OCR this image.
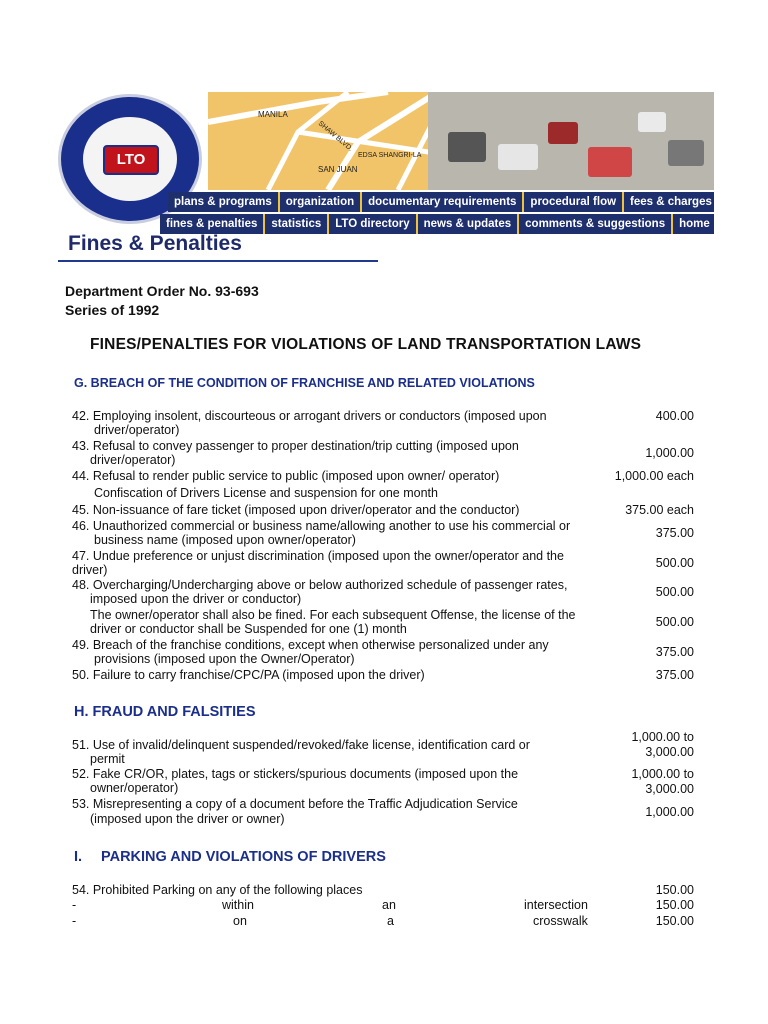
MANILA
SHAW BLVD.
EDSA SHANGRI-LA
SAN JUAN
LTO
plans & programs	organization	documentary requirements	procedural flow	fees & charges
fines & penalties	statistics	LTO directory	news & updates	comments & suggestions	home
Fines & Penalties
Department Order No. 93-693
Series of 1992
FINES/PENALTIES FOR VIOLATIONS OF LAND TRANSPORTATION LAWS
G. BREACH OF THE CONDITION OF FRANCHISE AND RELATED VIOLATIONS
42. Employing insolent, discourteous or arrogant drivers or conductors (imposed upon
driver/operator)
400.00
43. Refusal to convey passenger to proper destination/trip cutting (imposed upon
driver/operator)	1,000.00
44. Refusal to render public service to public (imposed upon owner/ operator)
Confiscation of Drivers License and suspension for one month
1,000.00 each
45. Non-issuance of fare ticket (imposed upon driver/operator and the conductor)	375.00 each
46. Unauthorized commercial or business name/allowing another to use his commercial or
business name (imposed upon owner/operator)	375.00
47. Undue preference or unjust discrimination (imposed upon the owner/operator and the
driver)	500.00
48. Overcharging/Undercharging above or below authorized schedule of passenger rates,
imposed upon the driver or conductor)	500.00
The owner/operator shall also be fined. For each subsequent Offense, the license of the
driver or conductor shall be Suspended for one (1) month	500.00
49. Breach of the franchise conditions, except when otherwise personalized under any
provisions (imposed upon the Owner/Operator)	375.00
50. Failure to carry franchise/CPC/PA (imposed upon the driver)	375.00
H. FRAUD AND FALSITIES
51. Use of invalid/delinquent suspended/revoked/fake license, identification card or
permit
1,000.00 to
3,000.00
52. Fake CR/OR, plates, tags or stickers/spurious documents (imposed upon the
owner/operator)
1,000.00 to
3,000.00
53. Misrepresenting a copy of a document before the Traffic Adjudication Service
(imposed upon the driver or owner)	1,000.00
I. PARKING AND VIOLATIONS OF DRIVERS
54. Prohibited Parking on any of the following places	150.00
-	within	an	intersection	150.00
-	on	a	crosswalk	150.00
